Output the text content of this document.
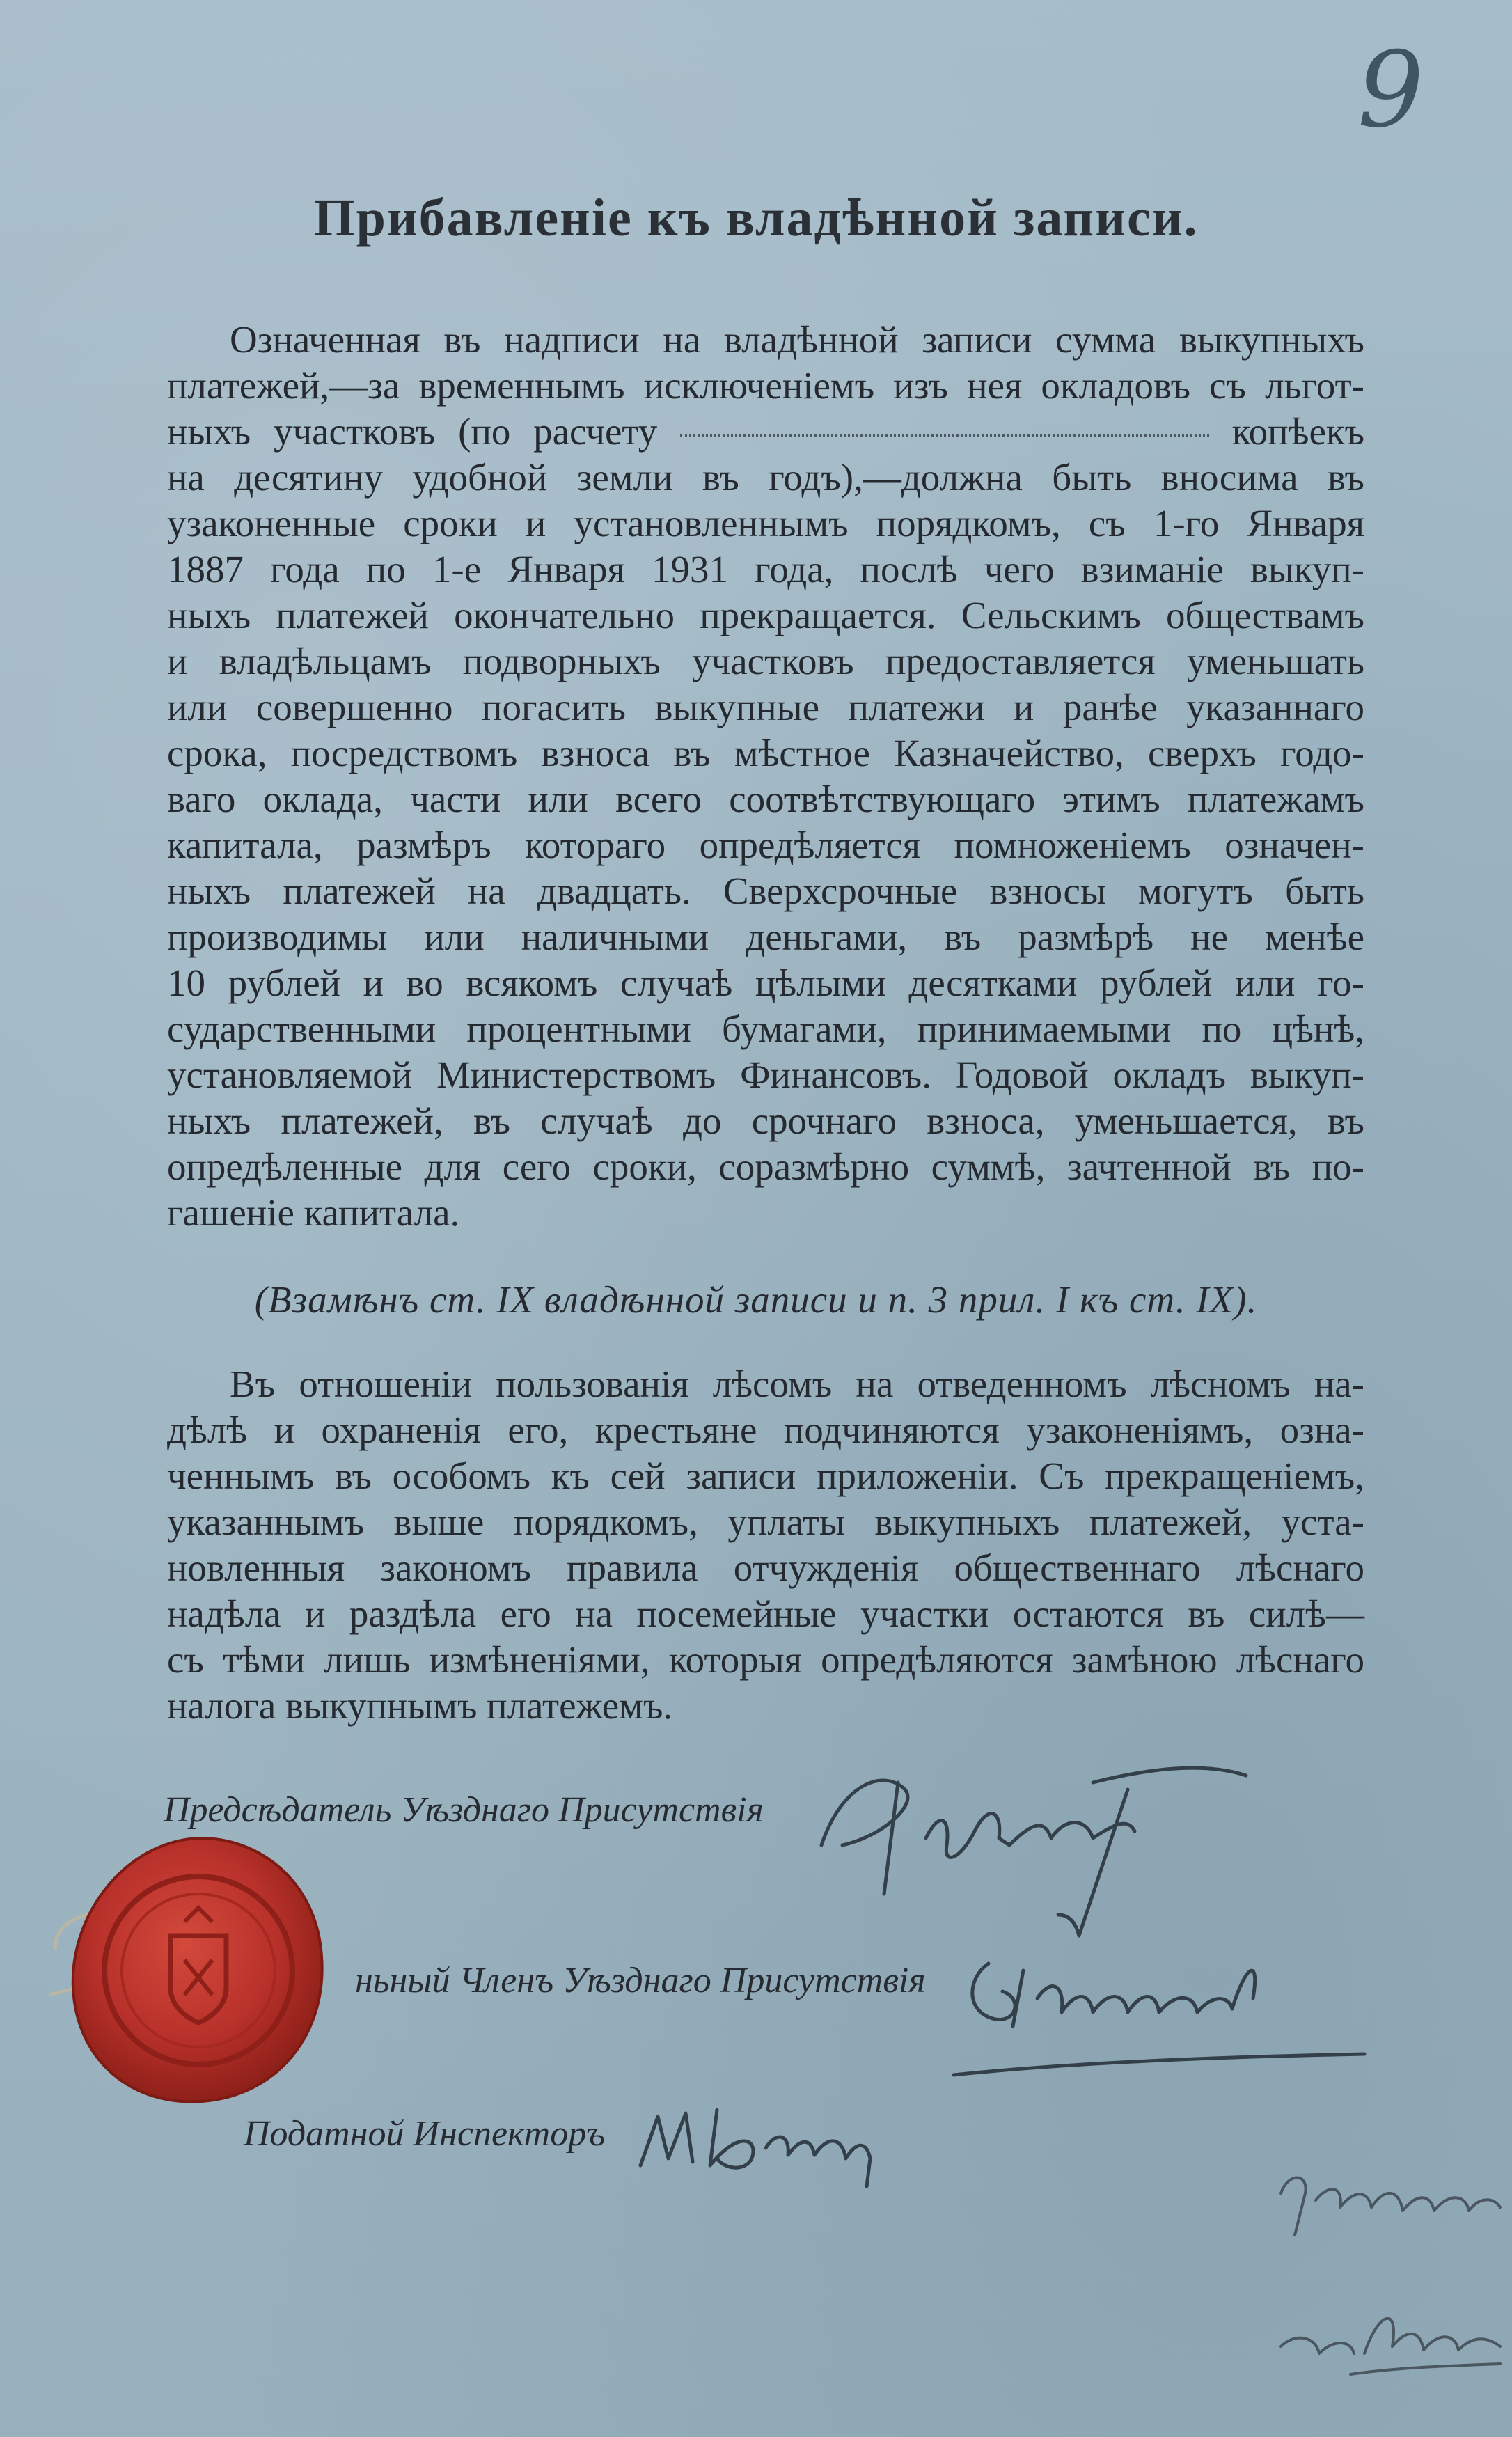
9
Прибавленіе къ владѣнной записи.
Означенная въ надписи на владѣнной записи сумма выкупныхъ
платежей,—за временнымъ исключеніемъ изъ нея окладовъ съ льгот-
ныхъ участковъ (по расчету	копѣекъ
на десятину удобной земли въ годъ),—должна быть вносима въ
узаконенные сроки и установленнымъ порядкомъ, съ 1-го Января
1887 года по 1-е Января 1931 года, послѣ чего взиманіе выкуп-
ныхъ платежей окончательно прекращается. Сельскимъ обществамъ
и владѣльцамъ подворныхъ участковъ предоставляется уменьшать
или совершенно погасить выкупные платежи и ранѣе указаннаго
срока, посредствомъ взноса въ мѣстное Казначейство, сверхъ годо-
ваго оклада, части или всего соотвѣтствующаго этимъ платежамъ
капитала, размѣръ котораго опредѣляется помноженіемъ означен-
ныхъ платежей на двадцать. Сверхсрочные взносы могутъ быть
производимы или наличными деньгами, въ размѣрѣ не менѣе
10 рублей и во всякомъ случаѣ цѣлыми десятками рублей или го-
сударственными процентными бумагами, принимаемыми по цѣнѣ,
установляемой Министерствомъ Финансовъ. Годовой окладъ выкуп-
ныхъ платежей, въ случаѣ до срочнаго взноса, уменьшается, въ
опредѣленные для сего сроки, соразмѣрно суммѣ, зачтенной въ по-
гашеніе капитала.
(Взамѣнъ ст. IX владѣнной записи и п. 3 прил. I къ ст. IX).
Въ отношеніи пользованія лѣсомъ на отведенномъ лѣсномъ на-
дѣлѣ и охраненія его, крестьяне подчиняются узаконеніямъ, озна-
ченнымъ въ особомъ къ сей записи приложеніи. Съ прекращеніемъ,
указаннымъ выше порядкомъ, уплаты выкупныхъ платежей, уста-
новленныя закономъ правила отчужденія общественнаго лѣснаго
надѣла и раздѣла его на посемейные участки остаются въ силѣ—
съ тѣми лишь измѣненіями, которыя опредѣляются замѣною лѣснаго
налога выкупнымъ платежемъ.
Предсѣдатель Уѣзднаго Присутствія
ньный Членъ Уѣзднаго Присутствія
Податной Инспекторъ
